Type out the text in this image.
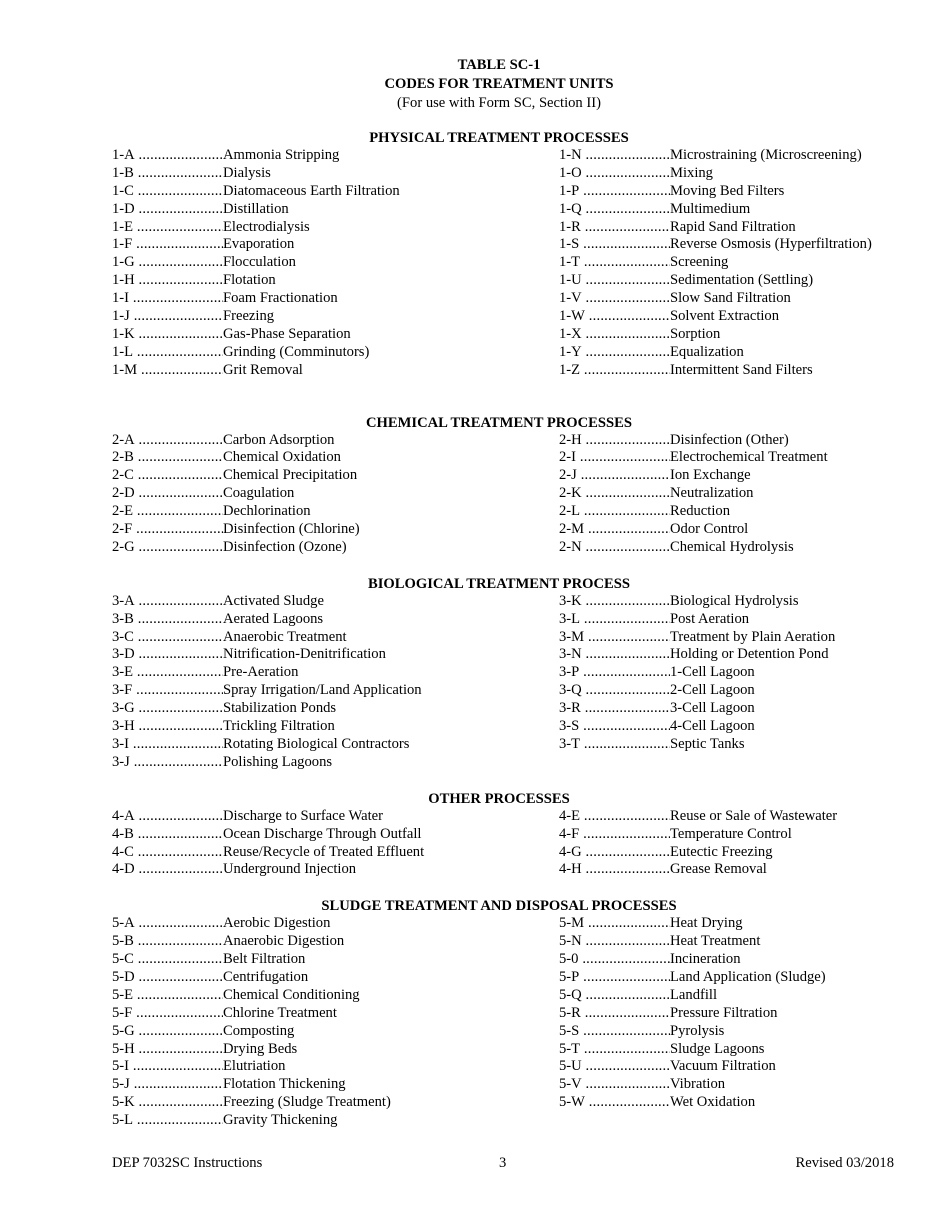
TABLE SC-1
CODES FOR TREATMENT UNITS
(For use with Form SC, Section II)
PHYSICAL TREATMENT PROCESSES
1-A .....	Ammonia Stripping
1-B .....	Dialysis
1-C .....	Diatomaceous Earth Filtration
1-D .....	Distillation
1-E .....	Electrodialysis
1-F .....	Evaporation
1-G .....	Flocculation
1-H .....	Flotation
1-I .....	Foam Fractionation
1-J .....	Freezing
1-K .....	Gas-Phase Separation
1-L .....	Grinding (Comminutors)
1-M .....	Grit Removal
1-N .....	Microstraining (Microscreening)
1-O .....	Mixing
1-P .....	Moving Bed Filters
1-Q .....	Multimedium
1-R .....	Rapid Sand Filtration
1-S .....	Reverse Osmosis (Hyperfiltration)
1-T .....	Screening
1-U .....	Sedimentation (Settling)
1-V .....	Slow Sand Filtration
1-W .....	Solvent Extraction
1-X .....	Sorption
1-Y .....	Equalization
1-Z .....	Intermittent Sand Filters
CHEMICAL TREATMENT PROCESSES
2-A .....	Carbon Adsorption
2-B .....	Chemical Oxidation
2-C .....	Chemical Precipitation
2-D .....	Coagulation
2-E .....	Dechlorination
2-F .....	Disinfection (Chlorine)
2-G .....	Disinfection (Ozone)
2-H .....	Disinfection (Other)
2-I .....	Electrochemical Treatment
2-J .....	Ion Exchange
2-K .....	Neutralization
2-L .....	Reduction
2-M .....	Odor Control
2-N .....	Chemical Hydrolysis
BIOLOGICAL TREATMENT PROCESS
3-A .....	Activated Sludge
3-B .....	Aerated Lagoons
3-C .....	Anaerobic Treatment
3-D .....	Nitrification-Denitrification
3-E .....	Pre-Aeration
3-F .....	Spray Irrigation/Land Application
3-G .....	Stabilization Ponds
3-H .....	Trickling Filtration
3-I .....	Rotating Biological Contractors
3-J .....	Polishing Lagoons
3-K .....	Biological Hydrolysis
3-L .....	Post Aeration
3-M .....	Treatment by Plain Aeration
3-N .....	Holding or Detention Pond
3-P .....	1-Cell Lagoon
3-Q .....	2-Cell Lagoon
3-R .....	3-Cell Lagoon
3-S .....	4-Cell Lagoon
3-T .....	Septic Tanks
OTHER PROCESSES
4-A .....	Discharge to Surface Water
4-B .....	Ocean Discharge Through Outfall
4-C .....	Reuse/Recycle of Treated Effluent
4-D .....	Underground Injection
4-E .....	Reuse or Sale of Wastewater
4-F .....	Temperature Control
4-G .....	Eutectic Freezing
4-H .....	Grease Removal
SLUDGE TREATMENT AND DISPOSAL PROCESSES
5-A .....	Aerobic Digestion
5-B .....	Anaerobic Digestion
5-C .....	Belt Filtration
5-D .....	Centrifugation
5-E .....	Chemical Conditioning
5-F .....	Chlorine Treatment
5-G .....	Composting
5-H .....	Drying Beds
5-I .....	Elutriation
5-J .....	Flotation Thickening
5-K .....	Freezing (Sludge Treatment)
5-L .....	Gravity Thickening
5-M .....	Heat Drying
5-N .....	Heat Treatment
5-0 .....	Incineration
5-P .....	Land Application (Sludge)
5-Q .....	Landfill
5-R .....	Pressure Filtration
5-S .....	Pyrolysis
5-T .....	Sludge Lagoons
5-U .....	Vacuum Filtration
5-V .....	Vibration
5-W .....	Wet Oxidation
DEP 7032SC Instructions	3	Revised 03/2018
